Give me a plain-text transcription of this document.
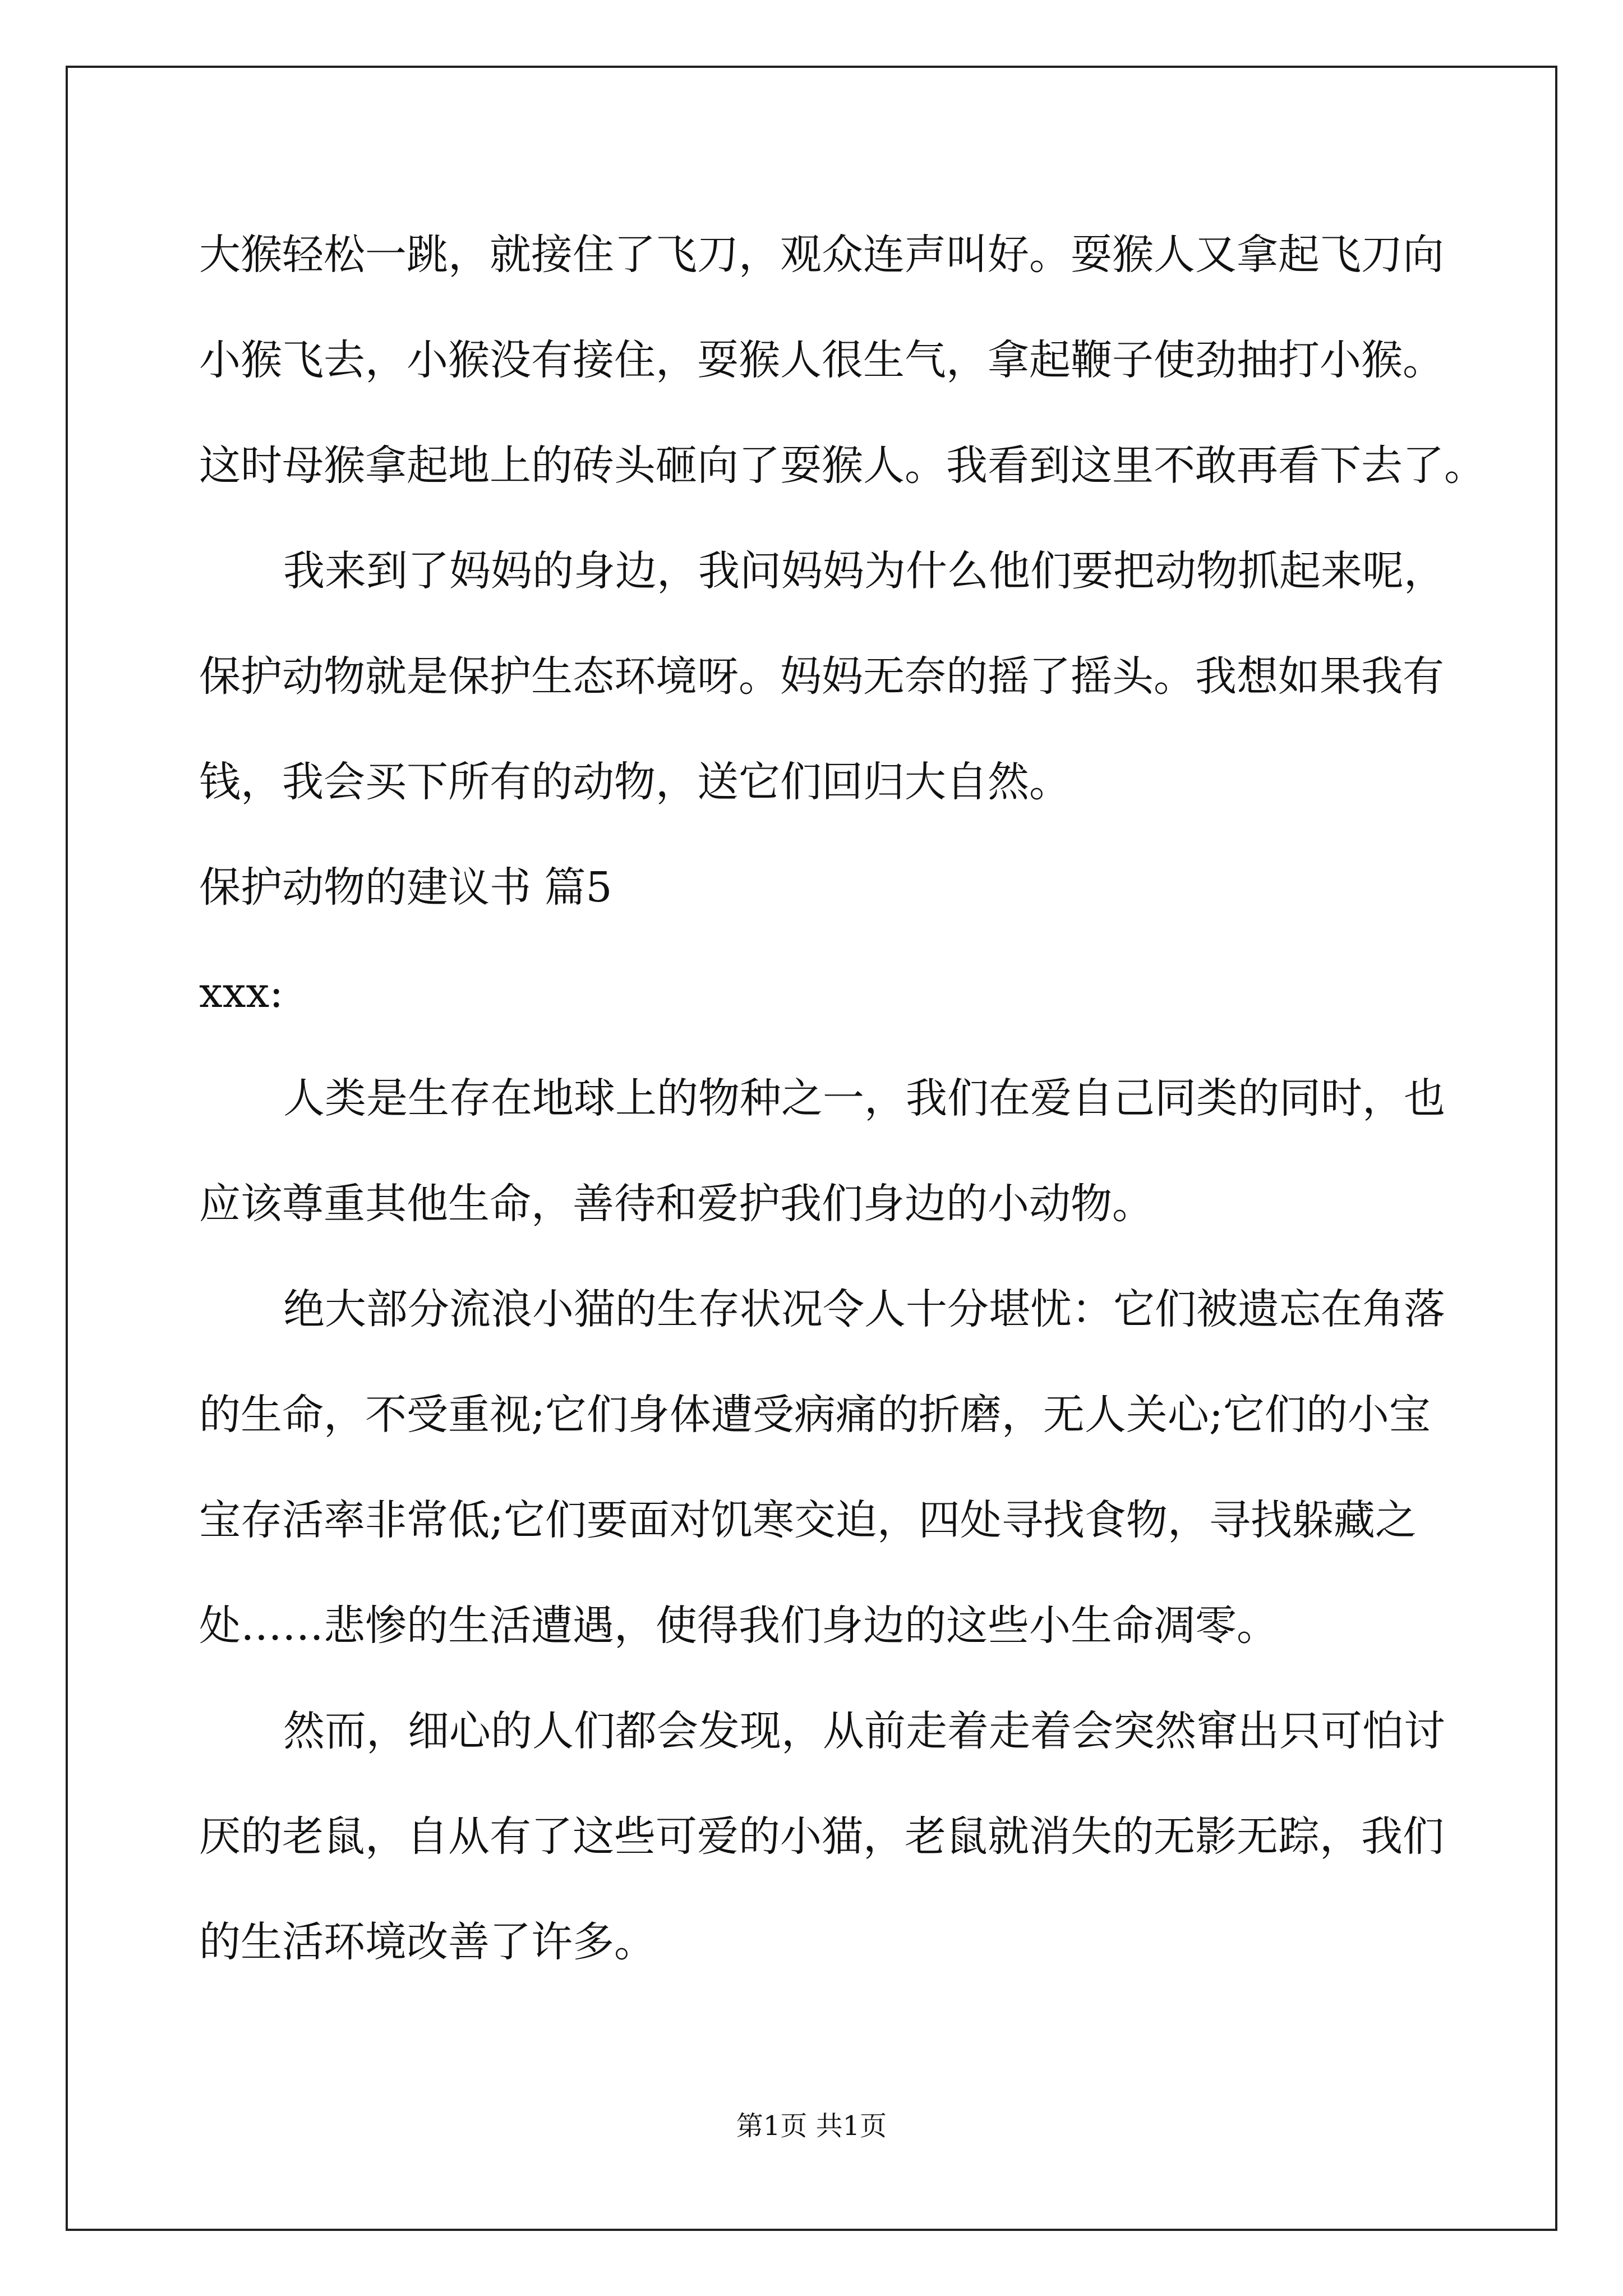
大猴轻松一跳，就接住了飞刀，观众连声叫好。耍猴人又拿起飞刀向
小猴飞去，小猴没有接住，耍猴人很生气，拿起鞭子使劲抽打小猴。
这时母猴拿起地上的砖头砸向了耍猴人。我看到这里不敢再看下去了。
我来到了妈妈的身边，我问妈妈为什么他们要把动物抓起来呢，
保护动物就是保护生态环境呀。妈妈无奈的摇了摇头。我想如果我有
钱，我会买下所有的动物，送它们回归大自然。
保护动物的建议书 篇5
xxx:
人类是生存在地球上的物种之一，我们在爱自己同类的同时，也
应该尊重其他生命，善待和爱护我们身边的小动物。
绝大部分流浪小猫的生存状况令人十分堪忧：它们被遗忘在角落
的生命，不受重视;它们身体遭受病痛的折磨，无人关心;它们的小宝
宝存活率非常低;它们要面对饥寒交迫，四处寻找食物，寻找躲藏之
处……悲惨的生活遭遇，使得我们身边的这些小生命凋零。
然而，细心的人们都会发现，从前走着走着会突然窜出只可怕讨
厌的老鼠，自从有了这些可爱的小猫，老鼠就消失的无影无踪，我们
的生活环境改善了许多。
第1页 共1页
